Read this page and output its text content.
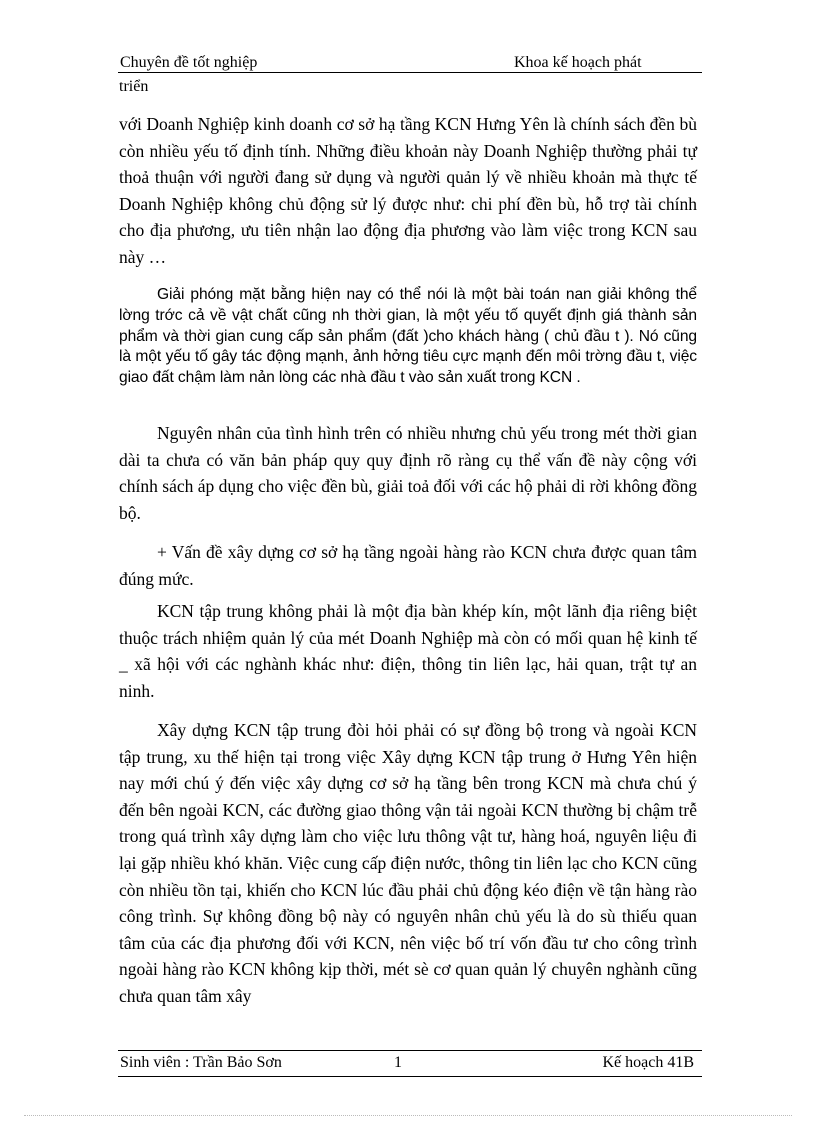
Chuyên đề tốt nghiệp	Khoa kế hoạch phát
triển

với Doanh Nghiệp kinh doanh cơ sở hạ tầng KCN Hưng Yên là chính sách đền bù còn nhiều yếu tố định tính. Những điều khoản này Doanh Nghiệp thường phải tự thoả thuận với người đang sử dụng và người quản lý về nhiều khoản mà thực tế Doanh Nghiệp không chủ động sử lý được như: chi phí đền bù, hỗ trợ tài chính cho địa phương, ưu tiên nhận lao động địa phương vào làm việc trong KCN sau này …

Giải phóng mặt bằng hiện nay có thể nói là một bài toán nan giải không thể lờng trớc cả về vật chất cũng nh thời gian, là một yếu tố quyết định giá thành sản phẩm và thời gian cung cấp sản phẩm (đất )cho khách hàng ( chủ đầu t ). Nó cũng là một yếu tố gây tác động mạnh, ảnh hởng tiêu cực mạnh đến môi trờng đầu t, việc giao đất chậm làm nản lòng các nhà đầu t vào sản xuất trong KCN .

Nguyên nhân của tình hình trên có nhiều nhưng chủ yếu trong mét thời gian dài ta chưa có văn bản pháp quy quy định rõ ràng cụ thể vấn đề này cộng với chính sách áp dụng cho việc đền bù, giải toả đối với các hộ phải di rời không đồng bộ.

+ Vấn đề xây dựng cơ sở hạ tầng ngoài hàng rào KCN chưa được quan tâm đúng mức.

KCN tập trung không phải là một địa bàn khép kín, một lãnh địa riêng biệt thuộc trách nhiệm quản lý của mét Doanh Nghiệp mà còn có mối quan hệ kinh tế _ xã hội với các nghành khác như: điện, thông tin liên lạc, hải quan, trật tự an ninh.

Xây dựng KCN tập trung đòi hỏi phải có sự đồng bộ trong và ngoài KCN tập trung, xu thế hiện tại trong việc Xây dựng KCN tập trung ở Hưng Yên hiện nay mới chú ý đến việc xây dựng cơ sở hạ tầng bên trong KCN mà chưa chú ý đến bên ngoài KCN, các đường giao thông vận tải ngoài KCN thường bị chậm trễ trong quá trình xây dựng làm cho việc lưu thông vật tư, hàng hoá, nguyên liệu đi lại gặp nhiều khó khăn. Việc cung cấp điện nước, thông tin liên lạc cho KCN cũng còn nhiều tồn tại, khiến cho KCN lúc đầu phải chủ động kéo điện về tận hàng rào công trình. Sự không đồng bộ này có nguyên nhân chủ yếu là do sù thiếu quan tâm của các địa phương đối với KCN, nên việc bố trí vốn đầu tư cho công trình ngoài hàng rào KCN không kịp thời, mét sè cơ quan quản lý chuyên nghành cũng chưa quan tâm xây

Sinh viên : Trần Bảo Sơn	1	Kế hoạch 41B
